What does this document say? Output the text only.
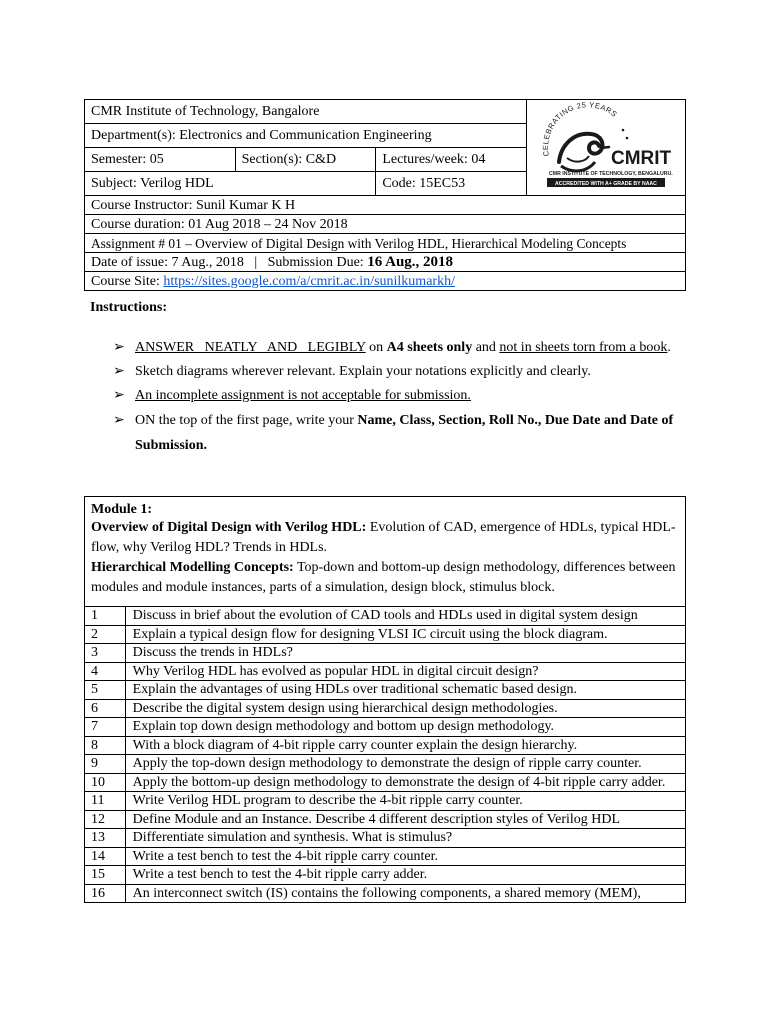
CMR Institute of Technology, Bangalore			CELEBRATING 25 YEARS
CMRIT
CMR INSTITUTE OF TECHNOLOGY, BENGALURU.
ACCREDITED WITH A+ GRADE BY NAAC

Department(s): Electronics and Communication Engineering			
Semester: 05	Section(s): C&D	Lectures/week: 04	
Subject: Verilog HDL		Code: 15EC53	
Course Instructor: Sunil Kumar K H			
Course duration: 01 Aug 2018 – 24 Nov 2018			
Assignment # 01 – Overview of Digital Design with Verilog HDL, Hierarchical Modeling Concepts			
Date of issue: 7 Aug., 2018   |   Submission Due: 16 Aug., 2018			
Course Site: https://sites.google.com/a/cmrit.ac.in/sunilkumarkh/			
Instructions:
➢ ANSWER   NEATLY   AND   LEGIBLY on A4 sheets only and not in sheets torn from a book.
➢ Sketch diagrams wherever relevant. Explain your notations explicitly and clearly.
➢ An incomplete assignment is not acceptable for submission.
➢ ON the top of the first page, write your Name, Class, Section, Roll No., Due Date and Date of
Submission.
Module 1:
Overview of Digital Design with Verilog HDL: Evolution of CAD, emergence of HDLs, typical HDL-flow, why Verilog HDL? Trends in HDLs.
Hierarchical Modelling Concepts: Top-down and bottom-up design methodology, differences between modules and module instances, parts of a simulation, design block, stimulus block.	

1	Discuss in brief about the evolution of CAD tools and HDLs used in digital system design
2	Explain a typical design flow for designing VLSI IC circuit using the block diagram.
3	Discuss the trends in HDLs?
4	Why Verilog HDL has evolved as popular HDL in digital circuit design?
5	Explain the advantages of using HDLs over traditional schematic based design.
6	Describe the digital system design using hierarchical design methodologies.
7	Explain top down design methodology and bottom up design methodology.
8	With a block diagram of 4-bit ripple carry counter explain the design hierarchy.
9	Apply the top-down design methodology to demonstrate the design of ripple carry counter.
10	Apply the bottom-up design methodology to demonstrate the design of 4-bit ripple carry adder.
11	Write Verilog HDL program to describe the 4-bit ripple carry counter.
12	Define Module and an Instance. Describe 4 different description styles of Verilog HDL
13	Differentiate simulation and synthesis. What is stimulus?
14	Write a test bench to test the 4-bit ripple carry counter.
15	Write a test bench to test the 4-bit ripple carry adder.
16	An interconnect switch (IS) contains the following components, a shared memory (MEM),
